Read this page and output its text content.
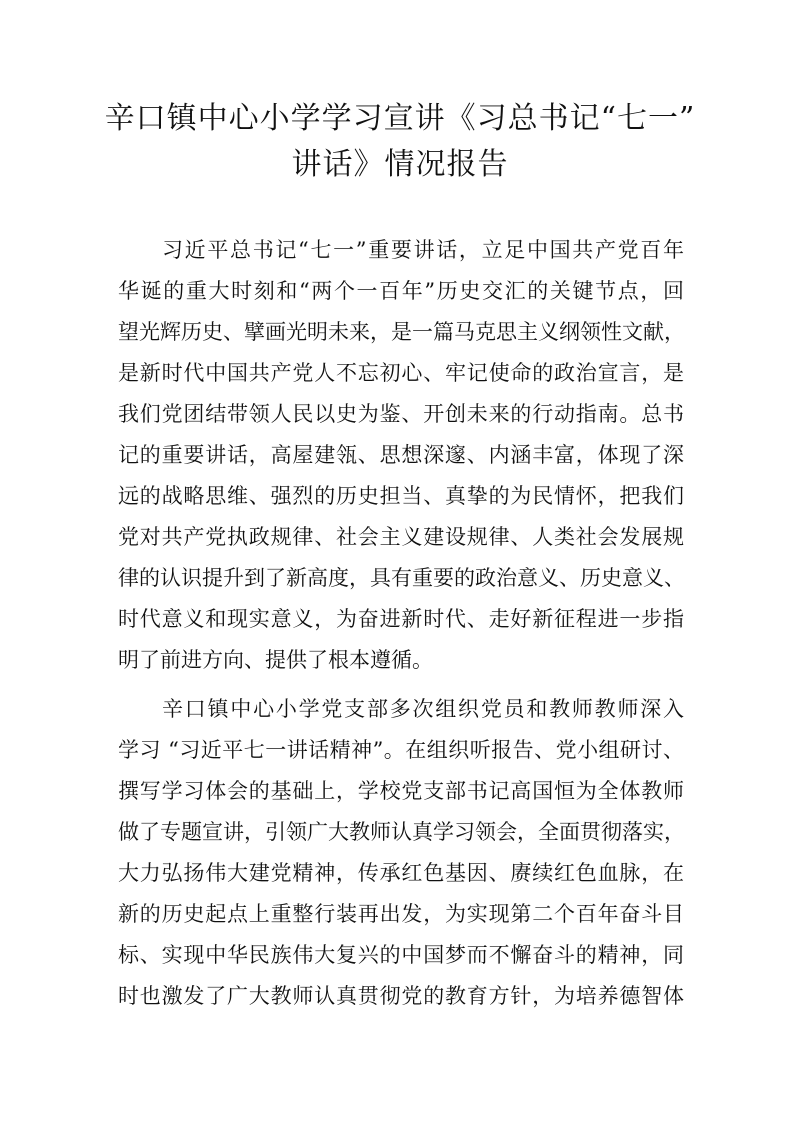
辛口镇中心小学学习宣讲《习总书记“七一”
讲话》情况报告
习近平总书记“七一”重要讲话，立足中国共产党百年
华诞的重大时刻和“两个一百年”历史交汇的关键节点，回
望光辉历史、擘画光明未来，是一篇马克思主义纲领性文献，
是新时代中国共产党人不忘初心、牢记使命的政治宣言，是
我们党团结带领人民以史为鉴、开创未来的行动指南。总书
记的重要讲话，高屋建瓴、思想深邃、内涵丰富，体现了深
远的战略思维、强烈的历史担当、真挚的为民情怀，把我们
党对共产党执政规律、社会主义建设规律、人类社会发展规
律的认识提升到了新高度，具有重要的政治意义、历史意义、
时代意义和现实意义，为奋进新时代、走好新征程进一步指
明了前进方向、提供了根本遵循。
辛口镇中心小学党支部多次组织党员和教师教师深入
学习 “习近平七一讲话精神”。在组织听报告、党小组研讨、
撰写学习体会的基础上，学校党支部书记高国恒为全体教师
做了专题宣讲，引领广大教师认真学习领会，全面贯彻落实，
大力弘扬伟大建党精神，传承红色基因、赓续红色血脉，在
新的历史起点上重整行装再出发，为实现第二个百年奋斗目
标、实现中华民族伟大复兴的中国梦而不懈奋斗的精神，同
时也激发了广大教师认真贯彻党的教育方针，为培养德智体
